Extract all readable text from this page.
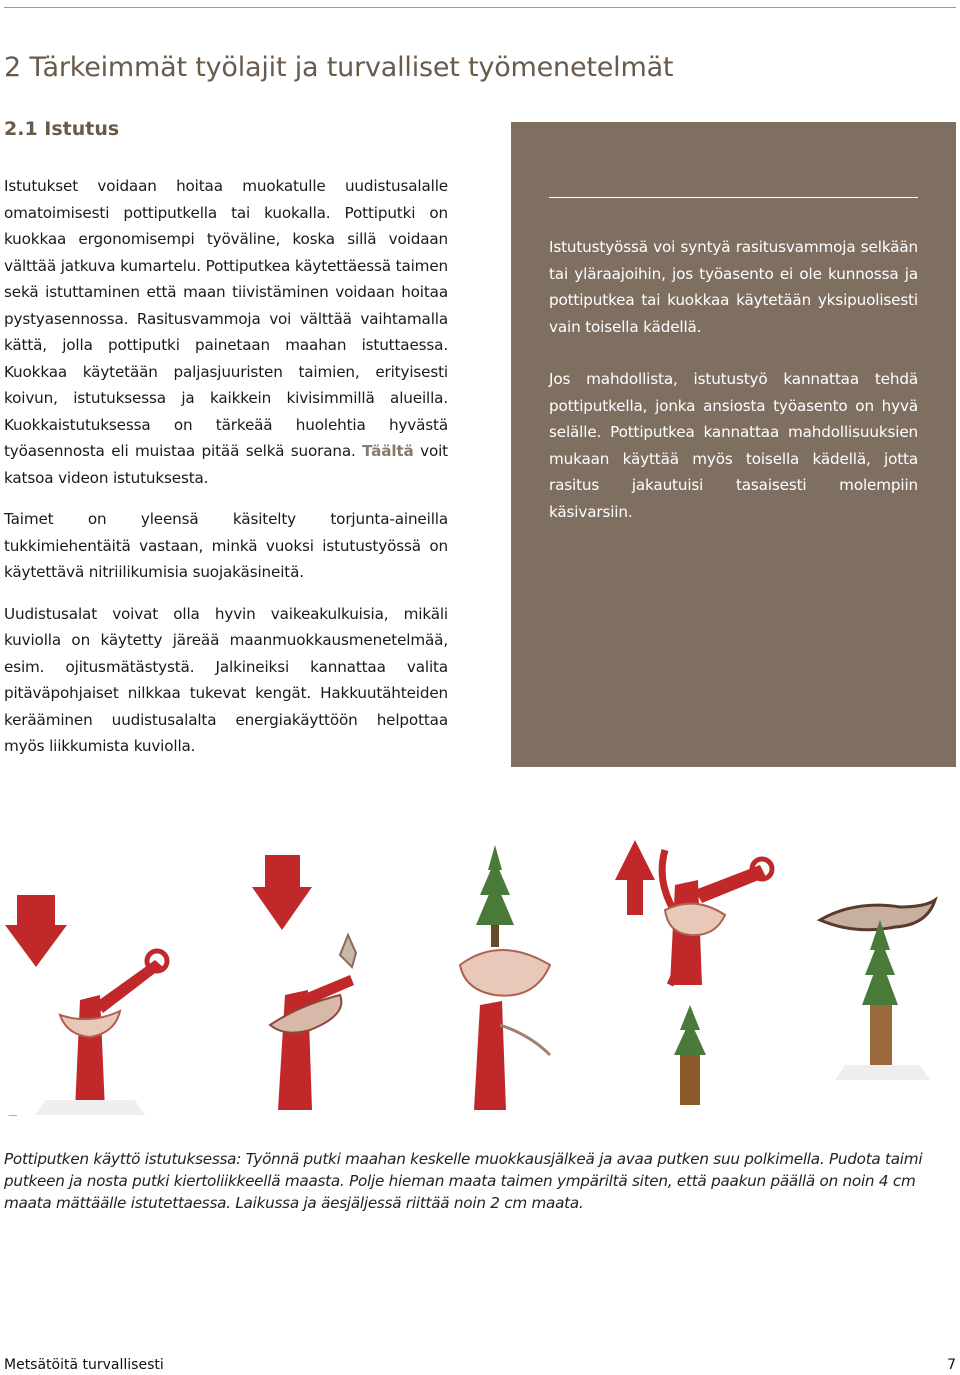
2 Tärkeimmät työlajit ja turvalliset työmenetelmät
2.1 Istutus

Istutukset voidaan hoitaa muokatulle uudistusalalle omatoimisesti pottiputkella tai kuokalla. Pottiputki on kuokkaa ergonomisempi työväline, koska sillä voidaan välttää jatkuva kumartelu. Pottiputkea käytettäessä taimen sekä istuttaminen että maan tiivistäminen voidaan hoitaa pystyasennossa. Rasitusvammoja voi välttää vaihtamalla kättä, jolla pottiputki painetaan maahan istuttaessa. Kuokkaa käytetään paljasjuuristen taimien, erityisesti koivun, istutuksessa ja kaikkein kivisimmillä alueilla. Kuokkaistutuksessa on tärkeää huolehtia hyvästä työasennosta eli muistaa pitää selkä suorana. Täältä voit katsoa videon istutuksesta.

Taimet on yleensä käsitelty torjunta-aineilla tukkimiehentäitä vastaan, minkä vuoksi istutustyössä on käytettävä nitriilikumisia suojakäsineitä.

Uudistusalat voivat olla hyvin vaikeakulkuisia, mikäli kuviolla on käytetty järeää maanmuokkausmenetelmää, esim. ojitusmätästystä. Jalkineiksi kannattaa valita pitäväpohjaiset nilkkaa tukevat kengät. Hakkuutähteiden kerääminen uudistusalalta energiakäyttöön helpottaa myös liikkumista kuviolla.

Istutustyössä voi syntyä rasitusvammoja selkään tai yläraajoihin, jos työasento ei ole kunnossa ja pottiputkea tai kuokkaa käytetään yksipuolisesti vain toisella kädellä.

Jos mahdollista, istutustyö kannattaa tehdä pottiputkella, jonka ansiosta työasento on hyvä selälle. Pottiputkea kannattaa mahdollisuuksien mukaan käyttää myös toisella kädellä, jotta rasitus jakautuisi tasaisesti molempiin käsivarsiin.

Pottiputken käyttö istutuksessa: Työnnä putki maahan keskelle muokkausjälkeä ja avaa putken suu polkimella. Pudota taimi putkeen ja nosta putki kiertoliikkeellä maasta. Polje hieman maata taimen ympäriltä siten, että paakun päällä on noin 4 cm maata mättäälle istutettaessa. Laikussa ja äesjäljessä riittää noin 2 cm maata.
Metsätöitä turvallisesti	7
